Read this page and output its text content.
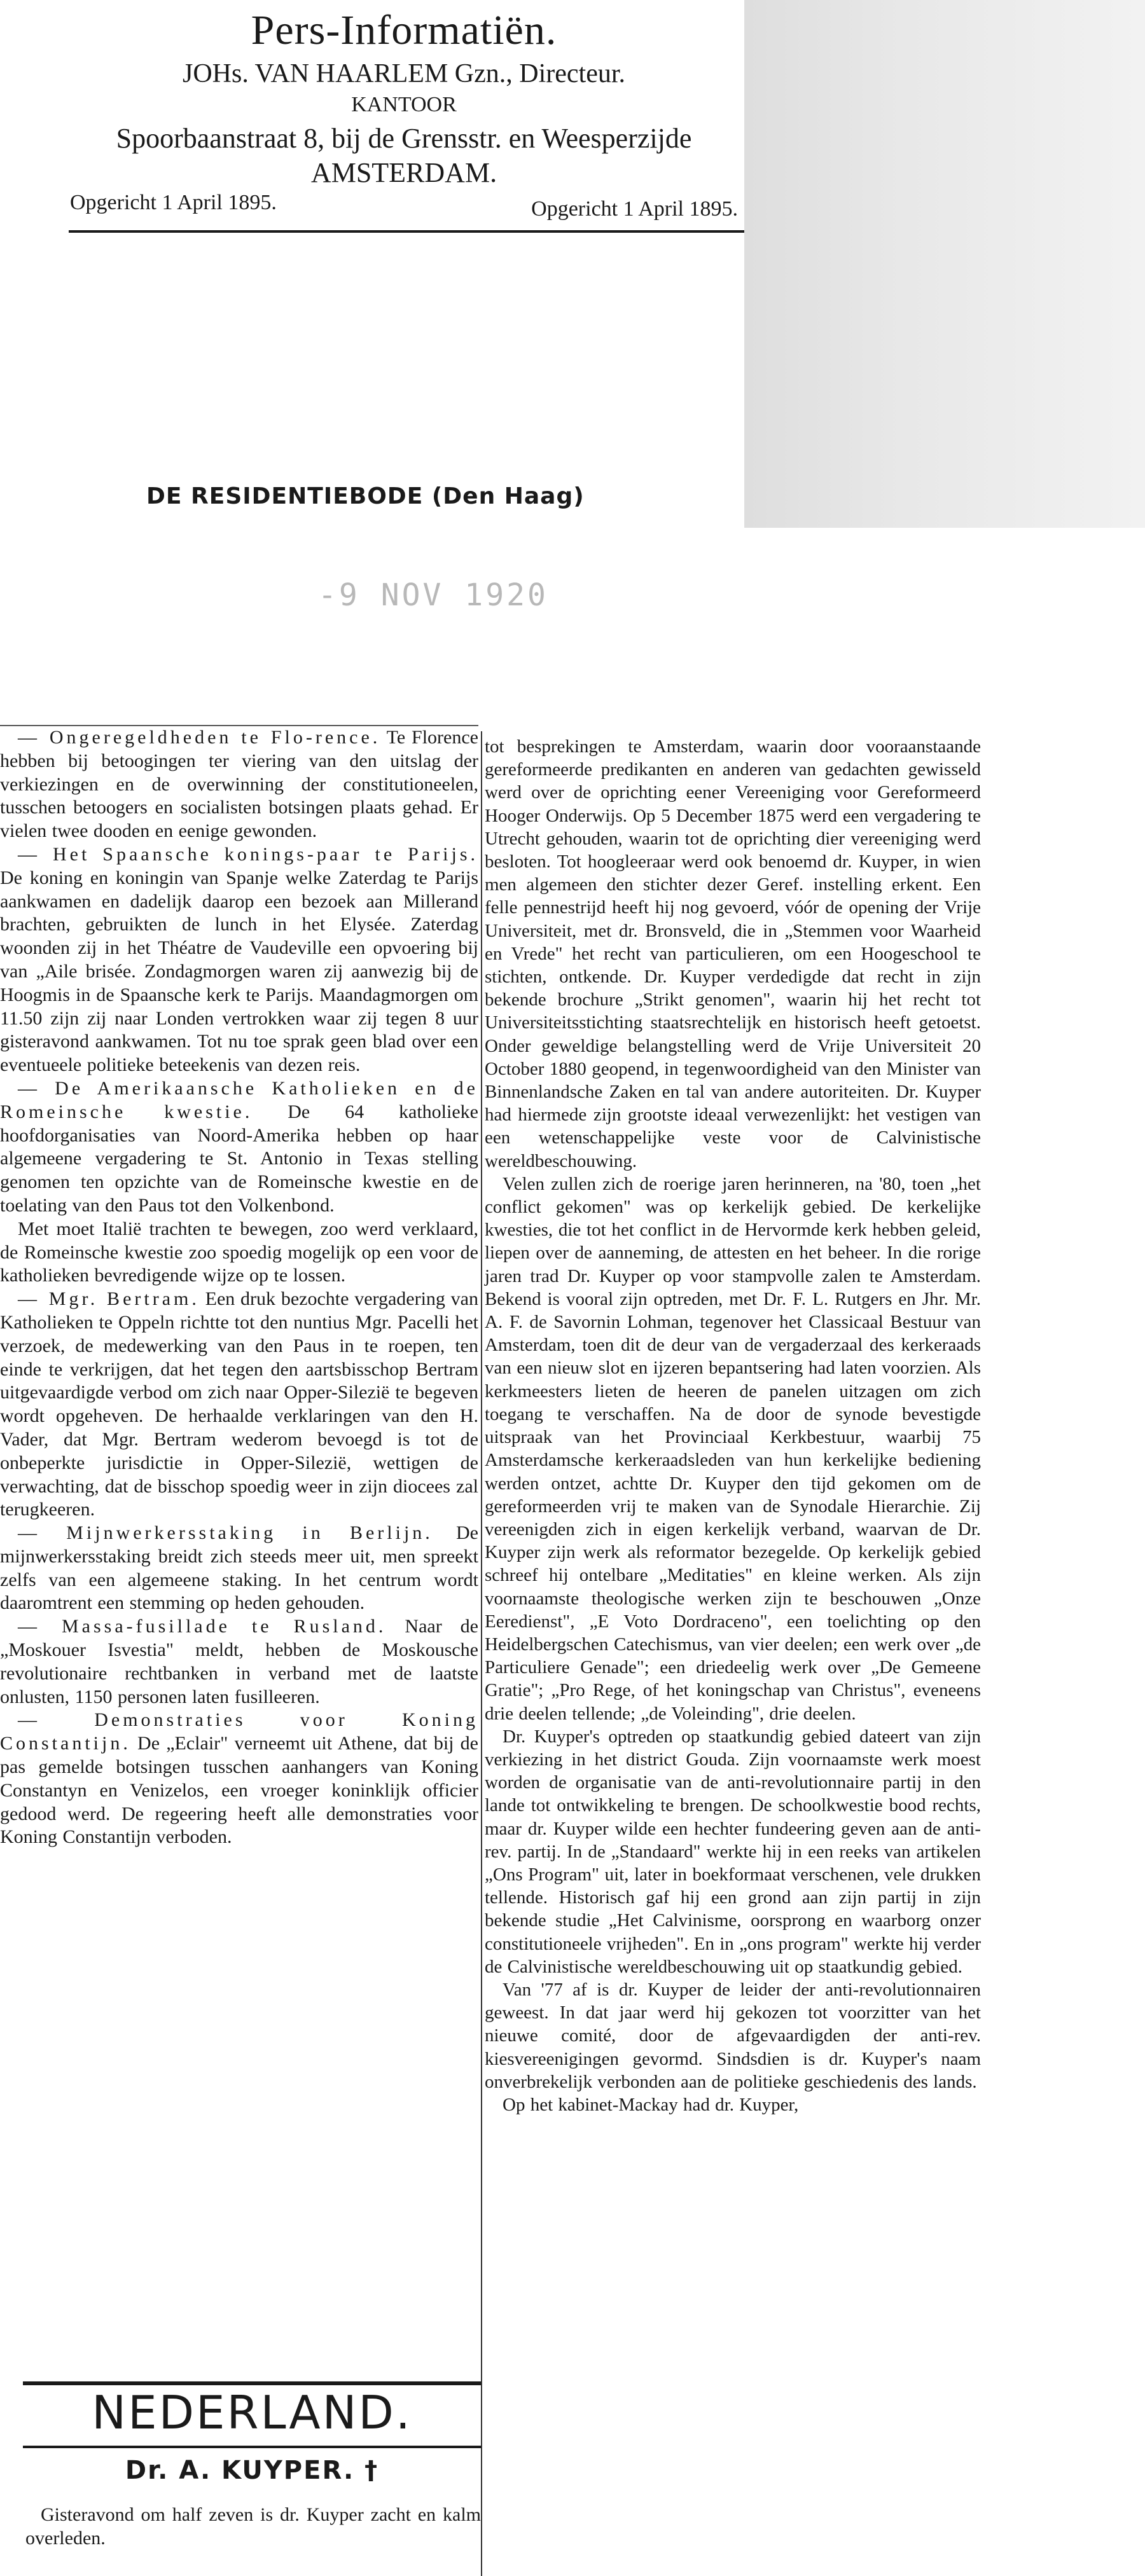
Pers-Informatiën.
JOHs. VAN HAARLEM Gzn., Directeur.
KANTOOR
Spoorbaanstraat 8, bij de Grensstr. en Weesperzijde
AMSTERDAM.
Opgericht 1 April 1895.	Opgericht 1 April 1895.
DE RESIDENTIEBODE (Den Haag)
-9 NOV 1920

— Ongeregeldheden te Flo-rence. Te Florence hebben bij betoogingen ter viering van den uitslag der verkiezingen en de overwinning der constitutioneelen, tusschen betoogers en socialisten botsingen plaats gehad. Er vielen twee dooden en eenige gewonden.

— Het Spaansche konings-paar te Parijs. De koning en koningin van Spanje welke Zaterdag te Parijs aankwamen en dadelijk daarop een bezoek aan Millerand brachten, gebruikten de lunch in het Elysée. Zaterdag woonden zij in het Théatre de Vaudeville een opvoering bij van „Aile brisée. Zondagmorgen waren zij aanwezig bij de Hoogmis in de Spaansche kerk te Parijs. Maandagmorgen om 11.50 zijn zij naar Londen vertrokken waar zij tegen 8 uur gisteravond aankwamen. Tot nu toe sprak geen blad over een eventueele politieke beteekenis van dezen reis.

— De Amerikaansche Katholieken en de Romeinsche kwestie. De 64 katholieke hoofdorganisaties van Noord-Amerika hebben op haar algemeene vergadering te St. Antonio in Texas stelling genomen ten opzichte van de Romeinsche kwestie en de toelating van den Paus tot den Volkenbond.

Met moet Italië trachten te bewegen, zoo werd verklaard, de Romeinsche kwestie zoo spoedig mogelijk op een voor de katholieken bevredigende wijze op te lossen.

— Mgr. Bertram. Een druk bezochte vergadering van Katholieken te Oppeln richtte tot den nuntius Mgr. Pacelli het verzoek, de medewerking van den Paus in te roepen, ten einde te verkrijgen, dat het tegen den aartsbisschop Bertram uitgevaardigde verbod om zich naar Opper-Silezië te begeven wordt opgeheven. De herhaalde verklaringen van den H. Vader, dat Mgr. Bertram wederom bevoegd is tot de onbeperkte jurisdictie in Opper-Silezië, wettigen de verwachting, dat de bisschop spoedig weer in zijn diocees zal terugkeeren.

— Mijnwerkersstaking in Berlijn. De mijnwerkersstaking breidt zich steeds meer uit, men spreekt zelfs van een algemeene staking. In het centrum wordt daaromtrent een stemming op heden gehouden.

— Massa-fusillade te Rusland. Naar de „Moskouer Isvestia" meldt, hebben de Moskousche revolutionaire rechtbanken in verband met de laatste onlusten, 1150 personen laten fusilleeren.

— Demonstraties voor Koning Constantijn. De „Eclair" verneemt uit Athene, dat bij de pas gemelde botsingen tusschen aanhangers van Koning Constantyn en Venizelos, een vroeger koninklijk officier gedood werd. De regeering heeft alle demonstraties voor Koning Constantijn verboden.

NEDERLAND.
Dr. A. KUYPER. †

Gisteravond om half zeven is dr. Kuyper zacht en kalm overleden.

tot besprekingen te Amsterdam, waarin door vooraanstaande gereformeerde predikanten en anderen van gedachten gewisseld werd over de oprichting eener Vereeniging voor Gereformeerd Hooger Onderwijs. Op 5 December 1875 werd een vergadering te Utrecht gehouden, waarin tot de oprichting dier vereeniging werd besloten. Tot hoogleeraar werd ook benoemd dr. Kuyper, in wien men algemeen den stichter dezer Geref. instelling erkent. Een felle pennestrijd heeft hij nog gevoerd, vóór de opening der Vrije Universiteit, met dr. Bronsveld, die in „Stemmen voor Waarheid en Vrede" het recht van particulieren, om een Hoogeschool te stichten, ontkende. Dr. Kuyper verdedigde dat recht in zijn bekende brochure „Strikt genomen", waarin hij het recht tot Universiteitsstichting staatsrechtelijk en historisch heeft getoetst. Onder geweldige belangstelling werd de Vrije Universiteit 20 October 1880 geopend, in tegenwoordigheid van den Minister van Binnenlandsche Zaken en tal van andere autoriteiten. Dr. Kuyper had hiermede zijn grootste ideaal verwezenlijkt: het vestigen van een wetenschappelijke veste voor de Calvinistische wereldbeschouwing.

Velen zullen zich de roerige jaren herinneren, na '80, toen „het conflict gekomen" was op kerkelijk gebied. De kerkelijke kwesties, die tot het conflict in de Hervormde kerk hebben geleid, liepen over de aanneming, de attesten en het beheer. In die rorige jaren trad Dr. Kuyper op voor stampvolle zalen te Amsterdam. Bekend is vooral zijn optreden, met Dr. F. L. Rutgers en Jhr. Mr. A. F. de Savornin Lohman, tegenover het Classicaal Bestuur van Amsterdam, toen dit de deur van de vergaderzaal des kerkeraads van een nieuw slot en ijzeren bepantsering had laten voorzien. Als kerkmeesters lieten de heeren de panelen uitzagen om zich toegang te verschaffen. Na de door de synode bevestigde uitspraak van het Provinciaal Kerkbestuur, waarbij 75 Amsterdamsche kerkeraadsleden van hun kerkelijke bediening werden ontzet, achtte Dr. Kuyper den tijd gekomen om de gereformeerden vrij te maken van de Synodale Hierarchie. Zij vereenigden zich in eigen kerkelijk verband, waarvan de Dr. Kuyper zijn werk als reformator bezegelde. Op kerkelijk gebied schreef hij ontelbare „Meditaties" en kleine werken. Als zijn voornaamste theologische werken zijn te beschouwen „Onze Eeredienst", „E Voto Dordraceno", een toelichting op den Heidelbergschen Catechismus, van vier deelen; een werk over „de Particuliere Genade"; een driedeelig werk over „De Gemeene Gratie"; „Pro Rege, of het koningschap van Christus", eveneens drie deelen tellende; „de Voleinding", drie deelen.

Dr. Kuyper's optreden op staatkundig gebied dateert van zijn verkiezing in het district Gouda. Zijn voornaamste werk moest worden de organisatie van de anti-revolutionnaire partij in den lande tot ontwikkeling te brengen. De schoolkwestie bood rechts, maar dr. Kuyper wilde een hechter fundeering geven aan de anti-rev. partij. In de „Standaard" werkte hij in een reeks van artikelen „Ons Program" uit, later in boekformaat verschenen, vele drukken tellende. Historisch gaf hij een grond aan zijn partij in zijn bekende studie „Het Calvinisme, oorsprong en waarborg onzer constitutioneele vrijheden". En in „ons program" werkte hij verder de Calvinistische wereldbeschouwing uit op staatkundig gebied.

Van '77 af is dr. Kuyper de leider der anti-revolutionnairen geweest. In dat jaar werd hij gekozen tot voorzitter van het nieuwe comité, door de afgevaardigden der anti-rev. kiesvereenigingen gevormd. Sindsdien is dr. Kuyper's naam onverbrekelijk verbonden aan de politieke geschiedenis des lands.

Op het kabinet-Mackay had dr. Kuyper,
